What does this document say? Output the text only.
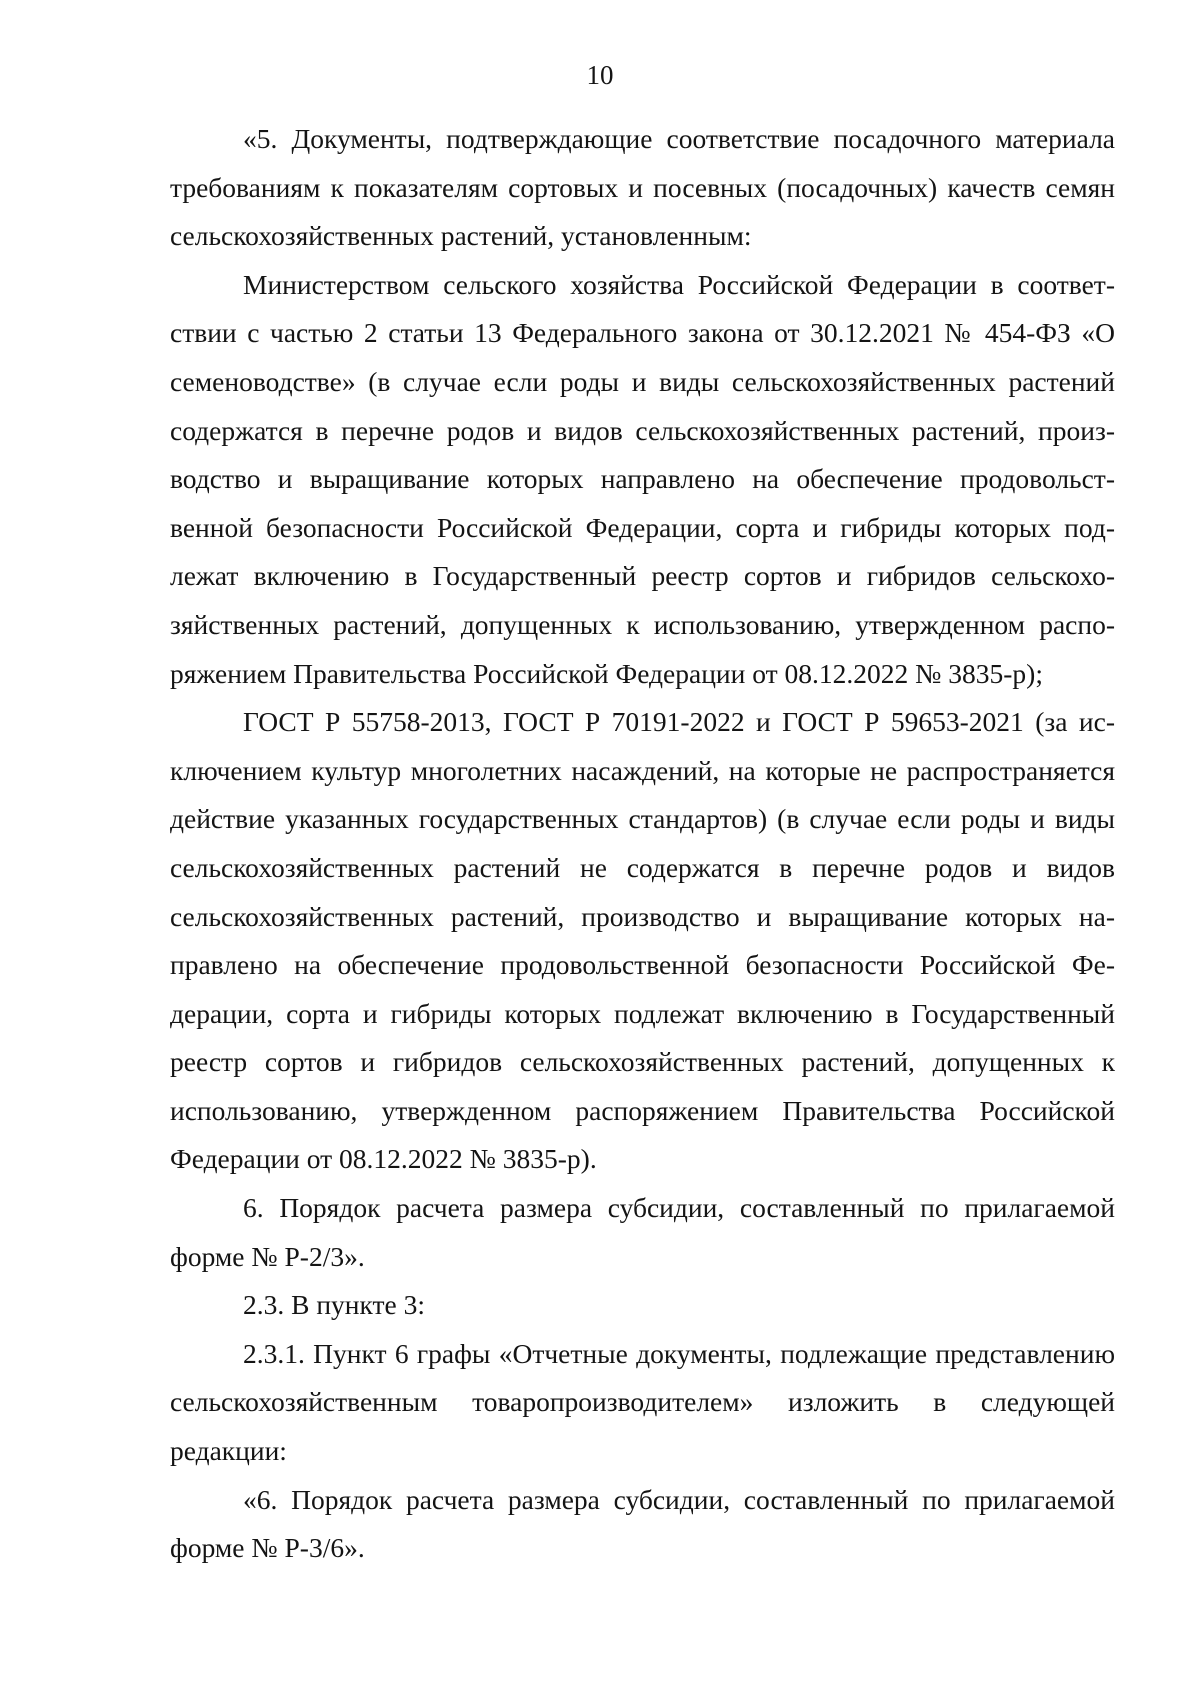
10

«5. Документы, подтверждающие соответствие посадочного материала требованиям к показателям сортовых и посевных (посадочных) качеств семян сельскохозяйственных растений, установленным:

Министерством сельского хозяйства Российской Федерации в соответствии с частью 2 статьи 13 Федерального закона от 30.12.2021 № 454-ФЗ «О семеноводстве» (в случае если роды и виды сельскохозяйственных растений содержатся в перечне родов и видов сельскохозяйственных растений, производство и выращивание которых направлено на обеспечение продовольственной безопасности Российской Федерации, сорта и гибриды которых подлежат включению в Государственный реестр сортов и гибридов сельскохозяйственных растений, допущенных к использованию, утвержденном распоряжением Правительства Российской Федерации от 08.12.2022 № 3835-р);

ГОСТ Р 55758-2013, ГОСТ Р 70191-2022 и ГОСТ Р 59653-2021 (за исключением культур многолетних насаждений, на которые не распространяется действие указанных государственных стандартов) (в случае если роды и виды сельскохозяйственных растений не содержатся в перечне родов и видов сельскохозяйственных растений, производство и выращивание которых направлено на обеспечение продовольственной безопасности Российской Федерации, сорта и гибриды которых подлежат включению в Государственный реестр сортов и гибридов сельскохозяйственных растений, допущенных к использованию, утвержденном распоряжением Правительства Российской Федерации от 08.12.2022 № 3835-р).

6. Порядок расчета размера субсидии, составленный по прилагаемой форме № Р-2/3».

2.3. В пункте 3:

2.3.1. Пункт 6 графы «Отчетные документы, подлежащие представлению сельскохозяйственным товаропроизводителем» изложить в следующей редакции:

«6. Порядок расчета размера субсидии, составленный по прилагаемой форме № Р-3/6».
